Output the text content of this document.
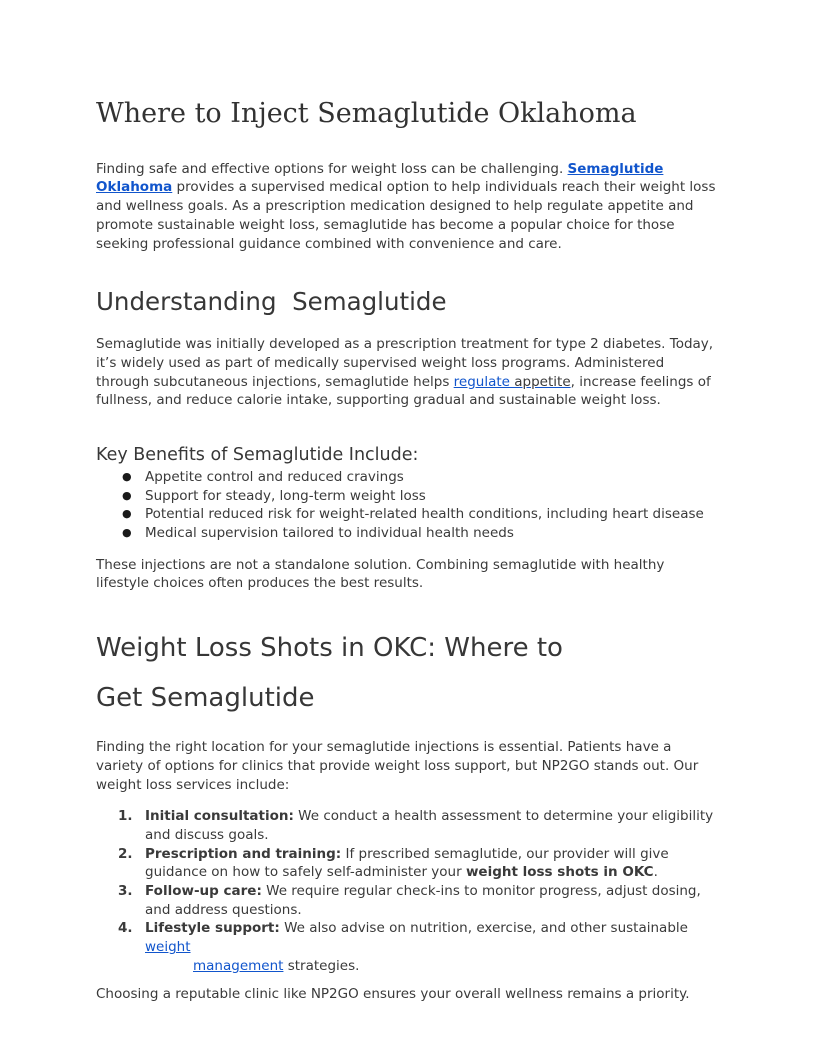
Where to Inject Semaglutide Oklahoma

Finding safe and effective options for weight loss can be challenging. Semaglutide Oklahoma provides a supervised medical option to help individuals reach their weight loss and wellness goals. As a prescription medication designed to help regulate appetite and promote sustainable weight loss, semaglutide has become a popular choice for those seeking professional guidance combined with convenience and care.

Understanding  Semaglutide

Semaglutide was initially developed as a prescription treatment for type 2 diabetes. Today, it’s widely used as part of medically supervised weight loss programs. Administered through subcutaneous injections, semaglutide helps regulate appetite, increase feelings of fullness, and reduce calorie intake, supporting gradual and sustainable weight loss.

Key Benefits of Semaglutide Include:
● Appetite control and reduced cravings
● Support for steady, long-term weight loss
● Potential reduced risk for weight-related health conditions, including heart disease
● Medical supervision tailored to individual health needs

These injections are not a standalone solution. Combining semaglutide with healthy lifestyle choices often produces the best results.

Weight Loss Shots in OKC: Where to
Get Semaglutide

Finding the right location for your semaglutide injections is essential. Patients have a variety of options for clinics that provide weight loss support, but NP2GO stands out. Our weight loss services include:

1. Initial consultation: We conduct a health assessment to determine your eligibility and discuss goals.
2. Prescription and training: If prescribed semaglutide, our provider will give guidance on how to safely self-administer your weight loss shots in OKC.
3. Follow-up care: We require regular check-ins to monitor progress, adjust dosing, and address questions.
4. Lifestyle support: We also advise on nutrition, exercise, and other sustainable weight
management strategies.

Choosing a reputable clinic like NP2GO ensures your overall wellness remains a priority.
